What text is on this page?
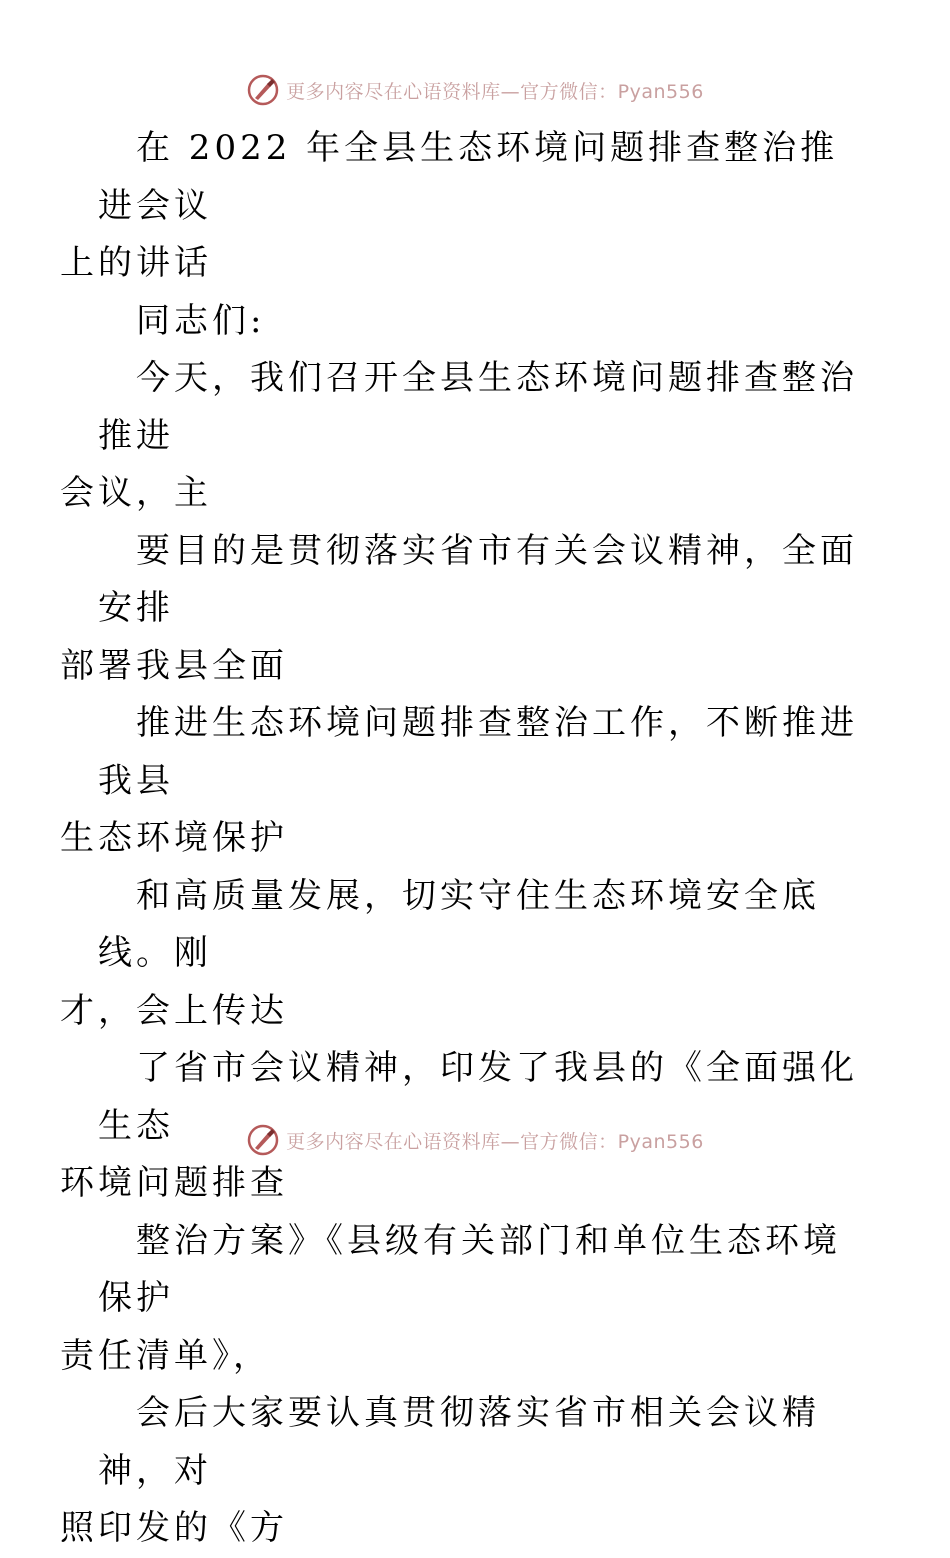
更多内容尽在心语资料库—官方微信：Pyan556

在 2022 年全县生态环境问题排查整治推进会议
上的讲话

同志们:

今天，我们召开全县生态环境问题排查整治推进
会议，主

要目的是贯彻落实省市有关会议精神，全面安排
部署我县全面

推进生态环境问题排查整治工作，不断推进我县
生态环境保护

和高质量发展，切实守住生态环境安全底线。刚
才，会上传达

了省市会议精神，印发了我县的《全面强化生态
环境问题排查

整治方案》《县级有关部门和单位生态环境保护
责任清单》，

会后大家要认真贯彻落实省市相关会议精神，对
照印发的《方

更多内容尽在心语资料库—官方微信：Pyan556
